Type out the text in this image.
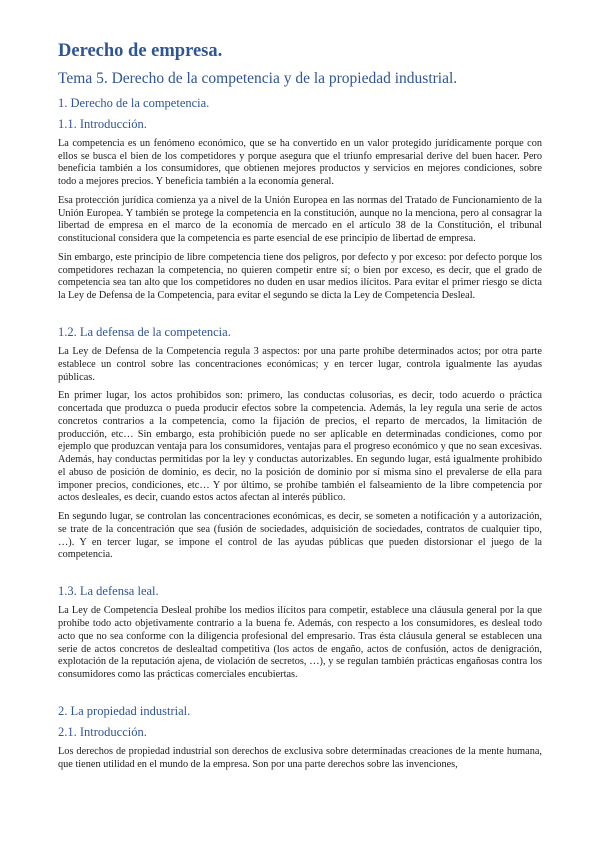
Derecho de empresa.
Tema 5. Derecho de la competencia y de la propiedad industrial.
1. Derecho de la competencia.
1.1. Introducción.

La competencia es un fenómeno económico, que se ha convertido en un valor protegido jurídicamente porque con ellos se busca el bien de los competidores y porque asegura que el triunfo empresarial derive del buen hacer. Pero beneficia también a los consumidores, que obtienen mejores productos y servicios en mejores condiciones, sobre todo a mejores precios. Y beneficia también a la economía general.

Esa protección jurídica comienza ya a nivel de la Unión Europea en las normas del Tratado de Funcionamiento de la Unión Europea. Y también se protege la competencia en la constitución, aunque no la menciona, pero al consagrar la libertad de empresa en el marco de la economía de mercado en el artículo 38 de la Constitución, el tribunal constitucional considera que la competencia es parte esencial de ese principio de libertad de empresa.

Sin embargo, este principio de libre competencia tiene dos peligros, por defecto y por exceso: por defecto porque los competidores rechazan la competencia, no quieren competir entre sí; o bien por exceso, es decir, que el grado de competencia sea tan alto que los competidores no duden en usar medios ilícitos. Para evitar el primer riesgo se dicta la Ley de Defensa de la Competencia, para evitar el segundo se dicta la Ley de Competencia Desleal.

1.2. La defensa de la competencia.

La Ley de Defensa de la Competencia regula 3 aspectos: por una parte prohíbe determinados actos; por otra parte establece un control sobre las concentraciones económicas; y en tercer lugar, controla igualmente las ayudas públicas.

En primer lugar, los actos prohibidos son: primero, las conductas colusorias, es decir, todo acuerdo o práctica concertada que produzca o pueda producir efectos sobre la competencia. Además, la ley regula una serie de actos concretos contrarios a la competencia, como la fijación de precios, el reparto de mercados, la limitación de producción, etc… Sin embargo, esta prohibición puede no ser aplicable en determinadas condiciones, como por ejemplo que produzcan ventaja para los consumidores, ventajas para el progreso económico y que no sean excesivas. Además, hay conductas permitidas por la ley y conductas autorizables. En segundo lugar, está igualmente prohibido el abuso de posición de dominio, es decir, no la posición de dominio por sí misma sino el prevalerse de ella para imponer precios, condiciones, etc… Y por último, se prohíbe también el falseamiento de la libre competencia por actos desleales, es decir, cuando estos actos afectan al interés público.

En segundo lugar, se controlan las concentraciones económicas, es decir, se someten a notificación y a autorización, se trate de la concentración que sea (fusión de sociedades, adquisición de sociedades, contratos de cualquier tipo, …). Y en tercer lugar, se impone el control de las ayudas públicas que pueden distorsionar el juego de la competencia.

1.3. La defensa leal.

La Ley de Competencia Desleal prohíbe los medios ilícitos para competir, establece una cláusula general por la que prohíbe todo acto objetivamente contrario a la buena fe. Además, con respecto a los consumidores, es desleal todo acto que no sea conforme con la diligencia profesional del empresario. Tras ésta cláusula general se establecen una serie de actos concretos de deslealtad competitiva (los actos de engaño, actos de confusión, actos de denigración, explotación de la reputación ajena, de violación de secretos, …), y se regulan también prácticas engañosas contra los consumidores como las prácticas comerciales encubiertas.

2. La propiedad industrial.
2.1. Introducción.

Los derechos de propiedad industrial son derechos de exclusiva sobre determinadas creaciones de la mente humana, que tienen utilidad en el mundo de la empresa. Son por una parte derechos sobre las invenciones,
